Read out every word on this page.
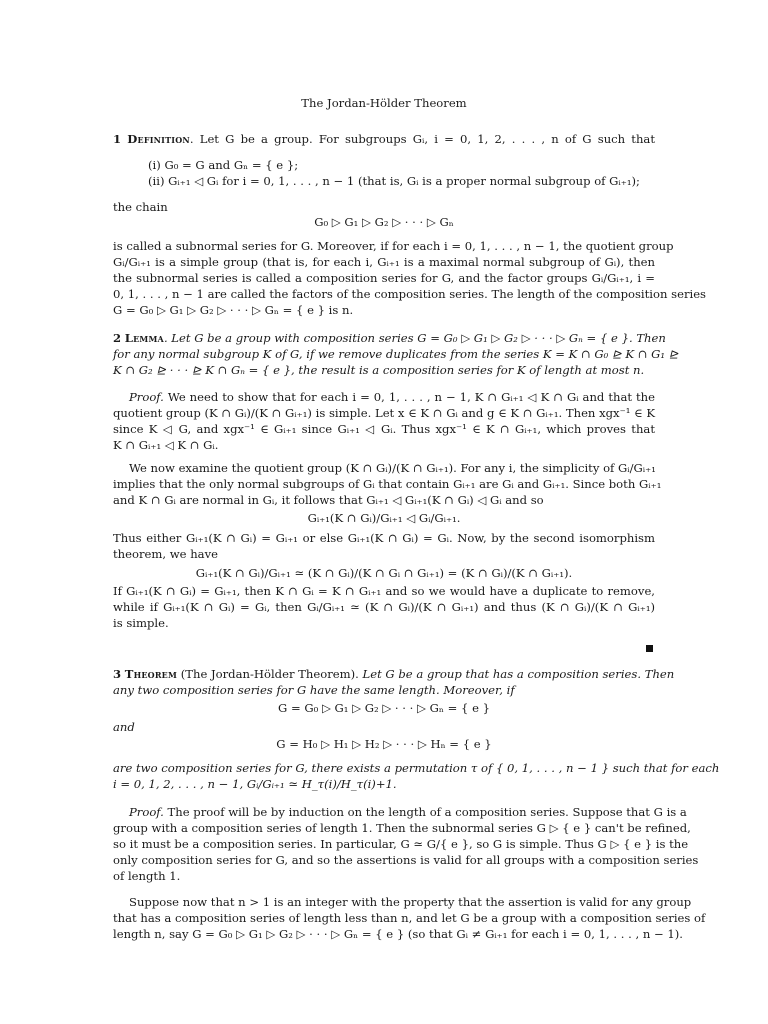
The Jordan-Hölder Theorem
1 Definition. Let G be a group. For subgroups Gᵢ, i = 0, 1, 2, . . . , n of G such that
(i) G₀ = G and Gₙ = { e };
(ii) Gᵢ₊₁ ◁ Gᵢ for i = 0, 1, . . . , n − 1 (that is, Gᵢ is a proper normal subgroup of Gᵢ₊₁);
the chain
G₀ ▷ G₁ ▷ G₂ ▷ · · · ▷ Gₙ
is called a subnormal series for G. Moreover, if for each i = 0, 1, . . . , n − 1, the quotient group
Gᵢ/Gᵢ₊₁ is a simple group (that is, for each i, Gᵢ₊₁ is a maximal normal subgroup of Gᵢ), then
the subnormal series is called a composition series for G, and the factor groups Gᵢ/Gᵢ₊₁, i =
0, 1, . . . , n − 1 are called the factors of the composition series. The length of the composition series
G = G₀ ▷ G₁ ▷ G₂ ▷ · · · ▷ Gₙ = { e } is n.
2 Lemma. Let G be a group with composition series G = G₀ ▷ G₁ ▷ G₂ ▷ · · · ▷ Gₙ = { e }. Then
for any normal subgroup K of G, if we remove duplicates from the series K = K ∩ G₀ ⊵ K ∩ G₁ ⊵
K ∩ G₂ ⊵ · · · ⊵ K ∩ Gₙ = { e }, the result is a composition series for K of length at most n.
Proof. We need to show that for each i = 0, 1, . . . , n − 1, K ∩ Gᵢ₊₁ ◁ K ∩ Gᵢ and that the
quotient group (K ∩ Gᵢ)/(K ∩ Gᵢ₊₁) is simple. Let x ∈ K ∩ Gᵢ and g ∈ K ∩ Gᵢ₊₁. Then xgx⁻¹ ∈ K
since K ◁ G, and xgx⁻¹ ∈ Gᵢ₊₁ since Gᵢ₊₁ ◁ Gᵢ. Thus xgx⁻¹ ∈ K ∩ Gᵢ₊₁, which proves that
K ∩ Gᵢ₊₁ ◁ K ∩ Gᵢ.
We now examine the quotient group (K ∩ Gᵢ)/(K ∩ Gᵢ₊₁). For any i, the simplicity of Gᵢ/Gᵢ₊₁
implies that the only normal subgroups of Gᵢ that contain Gᵢ₊₁ are Gᵢ and Gᵢ₊₁. Since both Gᵢ₊₁
and K ∩ Gᵢ are normal in Gᵢ, it follows that Gᵢ₊₁ ◁ Gᵢ₊₁(K ∩ Gᵢ) ◁ Gᵢ and so
Gᵢ₊₁(K ∩ Gᵢ)/Gᵢ₊₁ ◁ Gᵢ/Gᵢ₊₁.
Thus either Gᵢ₊₁(K ∩ Gᵢ) = Gᵢ₊₁ or else Gᵢ₊₁(K ∩ Gᵢ) = Gᵢ. Now, by the second isomorphism
theorem, we have
Gᵢ₊₁(K ∩ Gᵢ)/Gᵢ₊₁ ≃ (K ∩ Gᵢ)/(K ∩ Gᵢ ∩ Gᵢ₊₁) = (K ∩ Gᵢ)/(K ∩ Gᵢ₊₁).
If Gᵢ₊₁(K ∩ Gᵢ) = Gᵢ₊₁, then K ∩ Gᵢ = K ∩ Gᵢ₊₁ and so we would have a duplicate to remove,
while if Gᵢ₊₁(K ∩ Gᵢ) = Gᵢ, then Gᵢ/Gᵢ₊₁ ≃ (K ∩ Gᵢ)/(K ∩ Gᵢ₊₁) and thus (K ∩ Gᵢ)/(K ∩ Gᵢ₊₁)
is simple.
3 Theorem (The Jordan-Hölder Theorem). Let G be a group that has a composition series. Then
any two composition series for G have the same length. Moreover, if
G = G₀ ▷ G₁ ▷ G₂ ▷ · · · ▷ Gₙ = { e }
and
G = H₀ ▷ H₁ ▷ H₂ ▷ · · · ▷ Hₙ = { e }
are two composition series for G, there exists a permutation τ of { 0, 1, . . . , n − 1 } such that for each
i = 0, 1, 2, . . . , n − 1, Gᵢ/Gᵢ₊₁ ≃ H_τ(i)/H_τ(i)+1.
Proof. The proof will be by induction on the length of a composition series. Suppose that G is a
group with a composition series of length 1. Then the subnormal series G ▷ { e } can't be refined,
so it must be a composition series. In particular, G ≃ G/{ e }, so G is simple. Thus G ▷ { e } is the
only composition series for G, and so the assertions is valid for all groups with a composition series
of length 1.
Suppose now that n > 1 is an integer with the property that the assertion is valid for any group
that has a composition series of length less than n, and let G be a group with a composition series of
length n, say G = G₀ ▷ G₁ ▷ G₂ ▷ · · · ▷ Gₙ = { e } (so that Gᵢ ≠ Gᵢ₊₁ for each i = 0, 1, . . . , n − 1).
